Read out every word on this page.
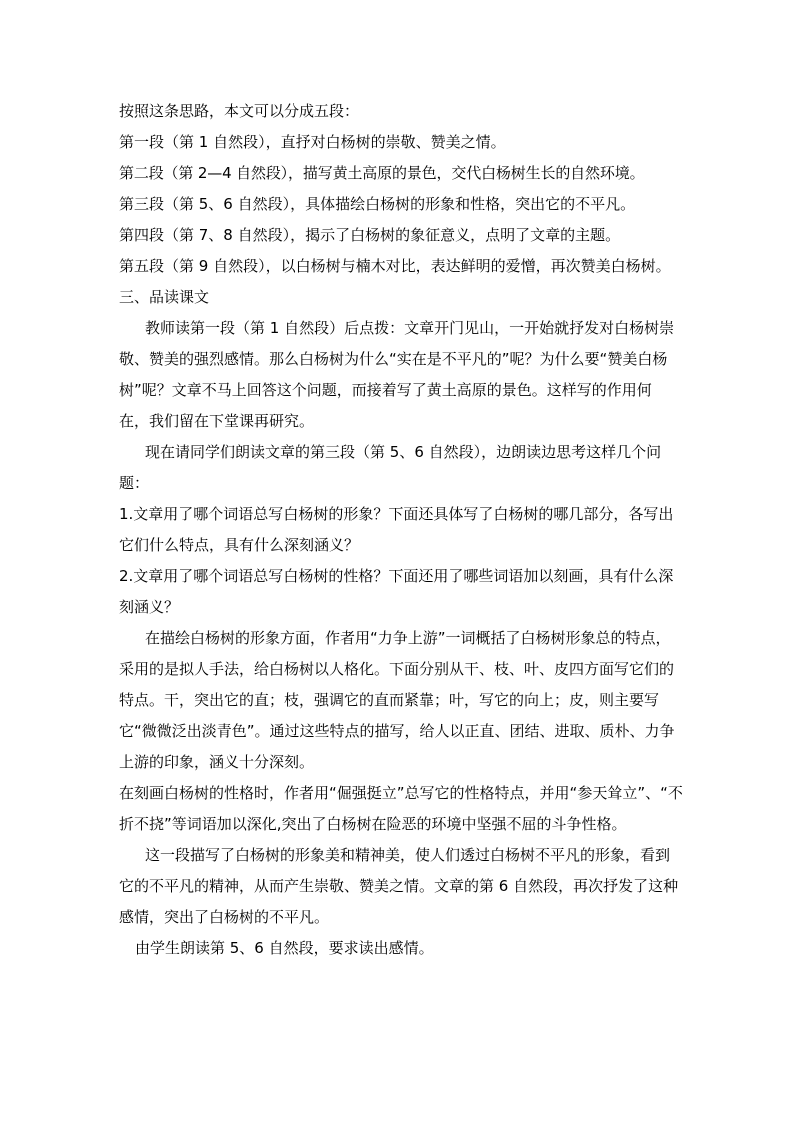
按照这条思路，本文可以分成五段：

第一段（第 1 自然段），直抒对白杨树的崇敬、赞美之情。

第二段（第 2—4 自然段），描写黄土高原的景色，交代白杨树生长的自然环境。

第三段（第 5、6 自然段），具体描绘白杨树的形象和性格，突出它的不平凡。

第四段（第 7、8 自然段），揭示了白杨树的象征意义，点明了文章的主题。

第五段（第 9 自然段），以白杨树与楠木对比，表达鲜明的爱憎，再次赞美白杨树。

三、品读课文

教师读第一段（第 1 自然段）后点拨：文章开门见山，一开始就抒发对白杨树崇敬、赞美的强烈感情。那么白杨树为什么“实在是不平凡的”呢？为什么要“赞美白杨树”呢？文章不马上回答这个问题，而接着写了黄土高原的景色。这样写的作用何在，我们留在下堂课再研究。

现在请同学们朗读文章的第三段（第 5、6 自然段），边朗读边思考这样几个问题：

1.文章用了哪个词语总写白杨树的形象？下面还具体写了白杨树的哪几部分，各写出它们什么特点，具有什么深刻涵义？

2.文章用了哪个词语总写白杨树的性格？下面还用了哪些词语加以刻画，具有什么深刻涵义？

在描绘白杨树的形象方面，作者用“力争上游”一词概括了白杨树形象总的特点，采用的是拟人手法，给白杨树以人格化。下面分别从干、枝、叶、皮四方面写它们的特点。干，突出它的直；枝，强调它的直而紧靠；叶，写它的向上；皮，则主要写它“微微泛出淡青色”。通过这些特点的描写，给人以正直、团结、进取、质朴、力争上游的印象，涵义十分深刻。

在刻画白杨树的性格时，作者用“倔强挺立”总写它的性格特点，并用“参天耸立”、“不折不挠”等词语加以深化,突出了白杨树在险恶的环境中坚强不屈的斗争性格。

这一段描写了白杨树的形象美和精神美，使人们透过白杨树不平凡的形象，看到它的不平凡的精神，从而产生崇敬、赞美之情。文章的第 6 自然段，再次抒发了这种感情，突出了白杨树的不平凡。

由学生朗读第 5、6 自然段，要求读出感情。
